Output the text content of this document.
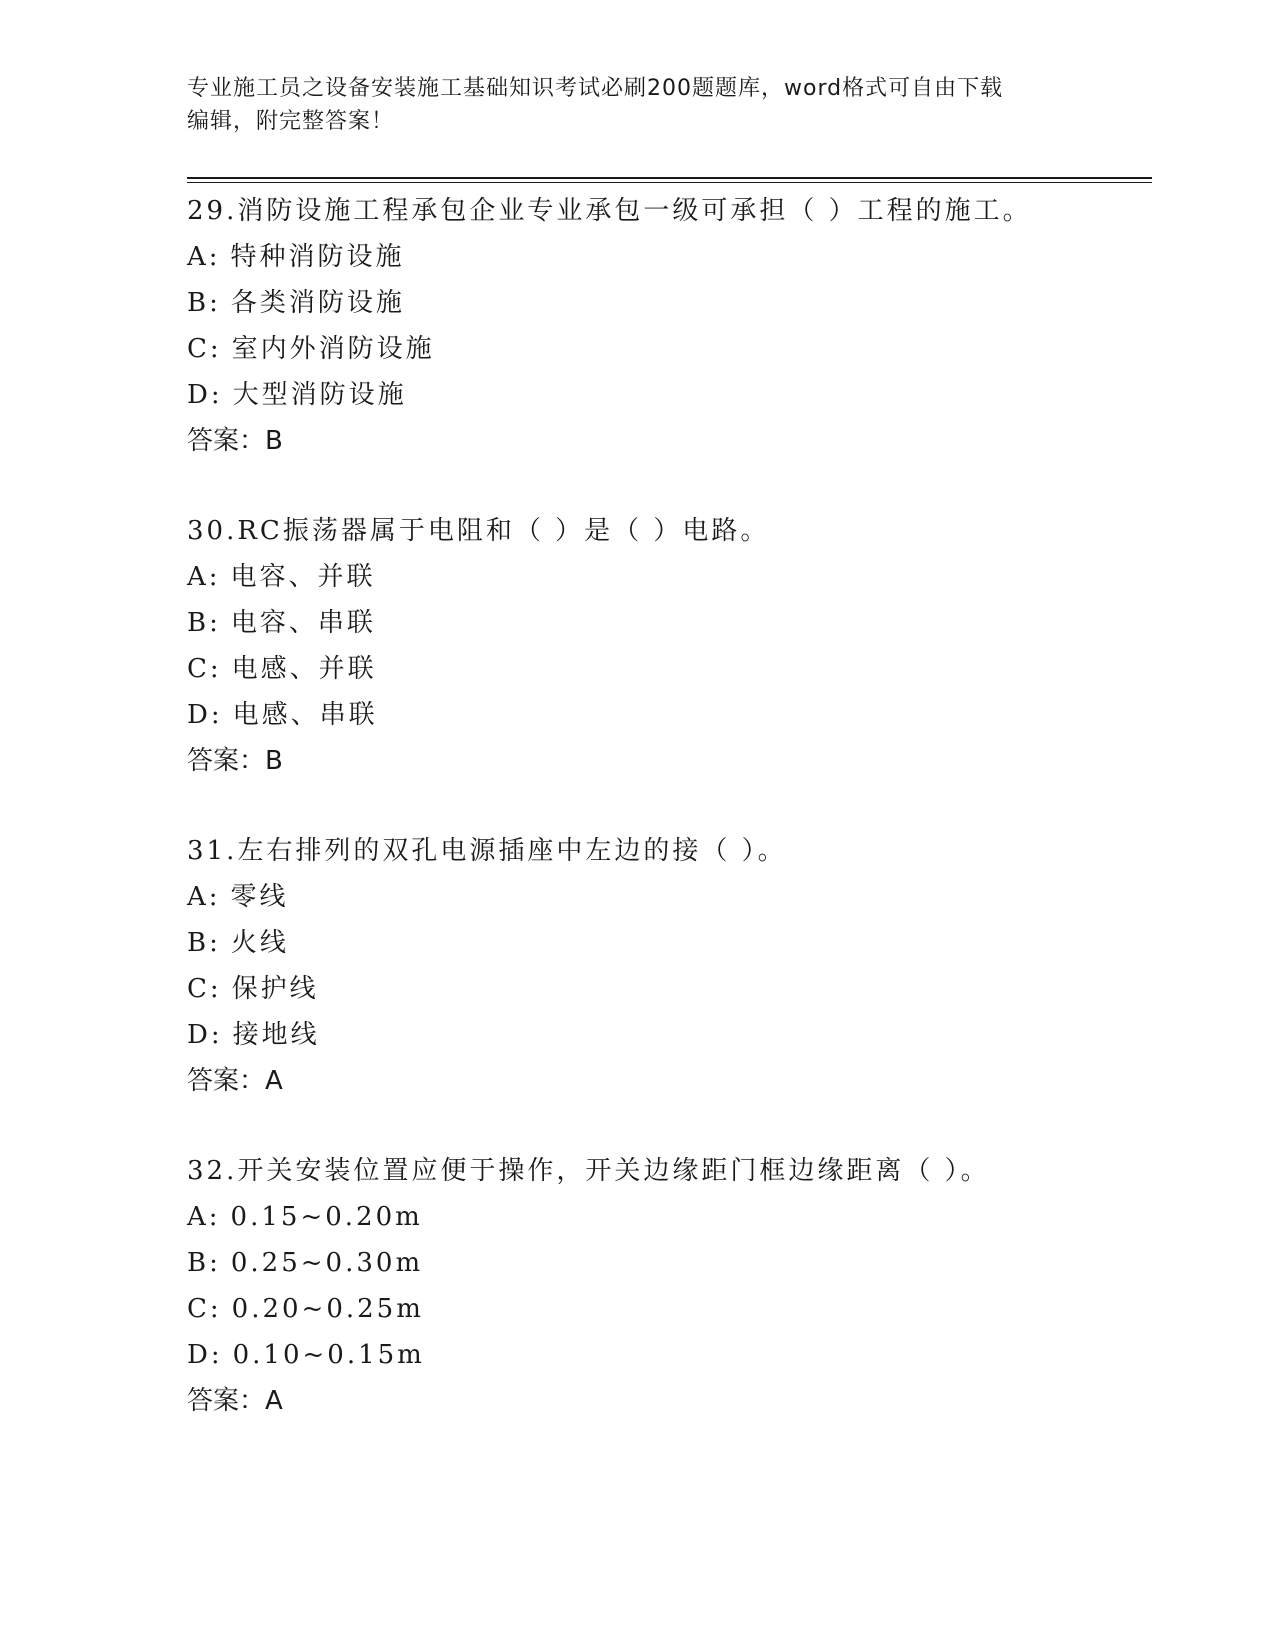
专业施工员之设备安装施工基础知识考试必刷200题题库，word格式可自由下载
编辑，附完整答案！

29.消防设施工程承包企业专业承包一级可承担（ ）工程的施工。
A: 特种消防设施
B: 各类消防设施
C: 室内外消防设施
D: 大型消防设施
答案：B
30.RC振荡器属于电阻和（ ）是（ ）电路。
A: 电容、并联
B: 电容、串联
C: 电感、并联
D: 电感、串联
答案：B
31.左右排列的双孔电源插座中左边的接（ ）。
A: 零线
B: 火线
C: 保护线
D: 接地线
答案：A
32.开关安装位置应便于操作，开关边缘距门框边缘距离（ ）。
A: 0.15~0.20m
B: 0.25~0.30m
C: 0.20~0.25m
D: 0.10~0.15m
答案：A
